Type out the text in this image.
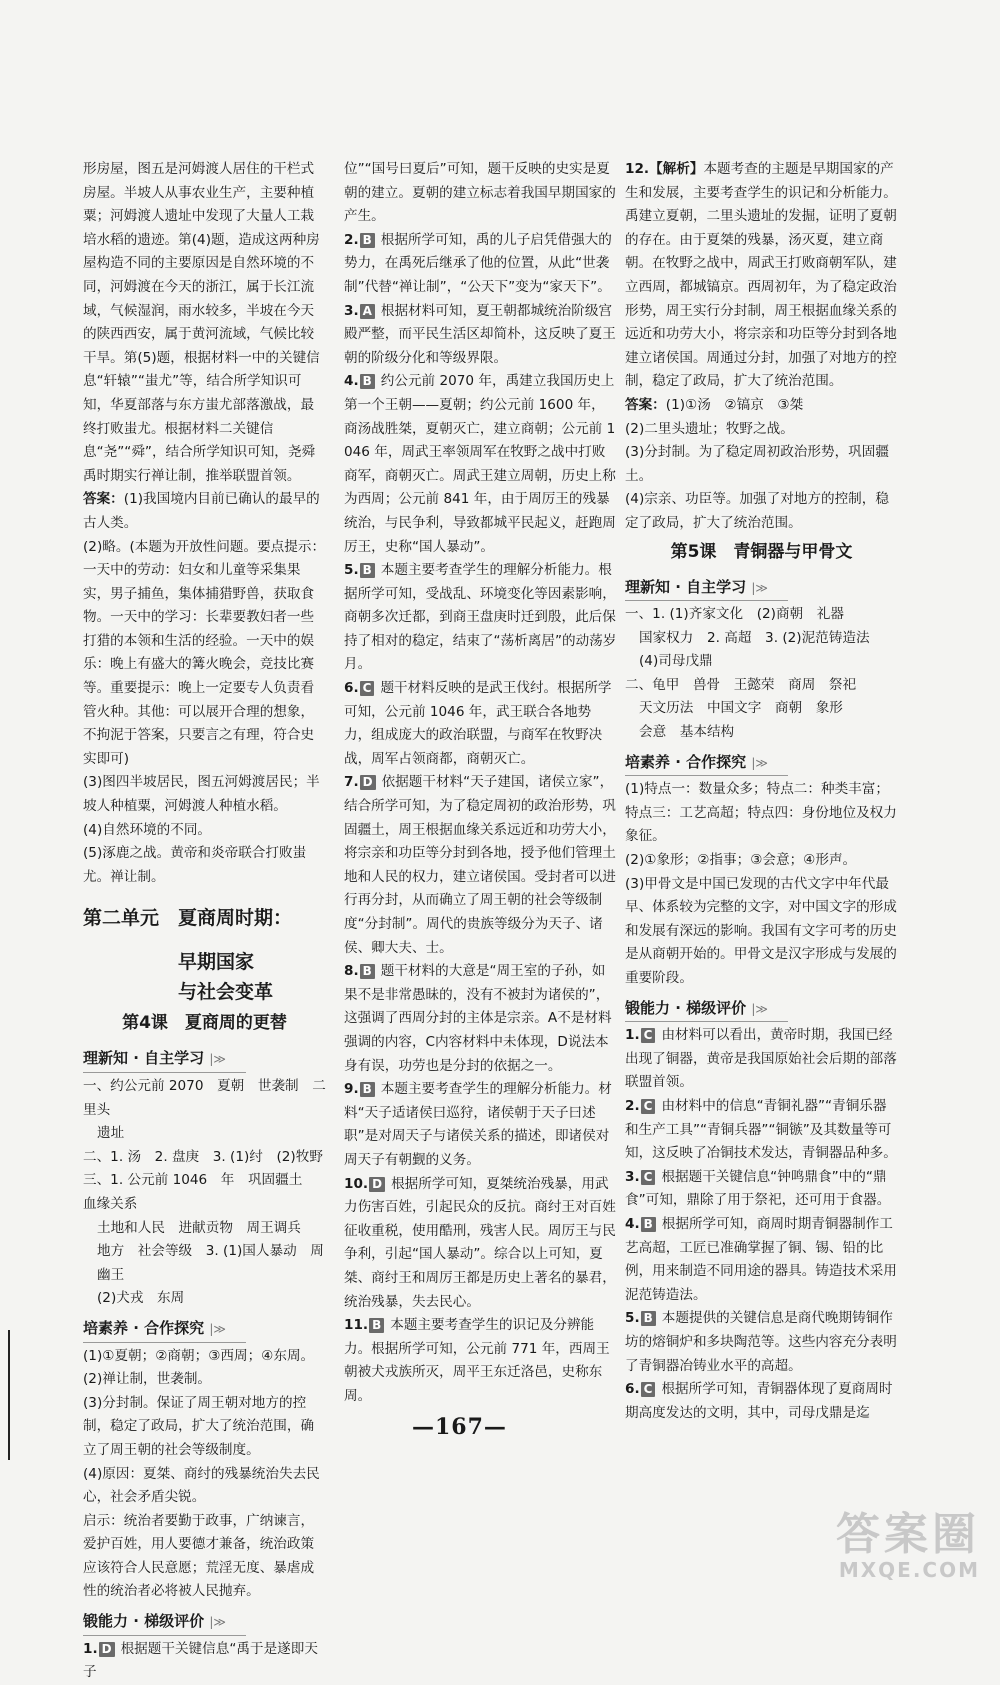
形房屋，图五是河姆渡人居住的干栏式房屋。半坡人从事农业生产，主要种植粟；河姆渡人遗址中发现了大量人工栽培水稻的遗迹。第(4)题，造成这两种房屋构造不同的主要原因是自然环境的不同，河姆渡在今天的浙江，属于长江流域，气候湿润，雨水较多，半坡在今天的陕西西安，属于黄河流域，气候比较干旱。第(5)题，根据材料一中的关键信息“轩辕”“蚩尤”等，结合所学知识可知，华夏部落与东方蚩尤部落激战，最终打败蚩尤。根据材料二关键信息“尧”“舜”，结合所学知识可知，尧舜禹时期实行禅让制，推举联盟首领。

答案：(1)我国境内目前已确认的最早的古人类。

(2)略。(本题为开放性问题。要点提示：一天中的劳动：妇女和儿童等采集果实，男子捕鱼，集体捕猎野兽，获取食物。一天中的学习：长辈要教妇者一些打猎的本领和生活的经验。一天中的娱乐：晚上有盛大的篝火晚会，竞技比赛等。重要提示：晚上一定要专人负责看管火种。其他：可以展开合理的想象，不拘泥于答案，只要言之有理，符合史实即可)

(3)图四半坡居民，图五河姆渡居民；半坡人种植粟，河姆渡人种植水稻。

(4)自然环境的不同。

(5)涿鹿之战。黄帝和炎帝联合打败蚩尤。禅让制。

第二单元　夏商周时期：
早期国家
与社会变革
第4课　夏商周的更替
理新知 · 自主学习 |≫

一、约公元前 2070　夏朝　世袭制　二里头

遗址

二、1. 汤　2. 盘庚　3. (1)纣　(2)牧野

三、1. 公元前 1046　年　巩固疆土　血缘关系

土地和人民　进献贡物　周王调兵

地方　社会等级　3. (1)国人暴动　周幽王

(2)犬戎　东周

培素养 · 合作探究 |≫

(1)①夏朝；②商朝；③西周；④东周。

(2)禅让制，世袭制。

(3)分封制。保证了周王朝对地方的控制，稳定了政局，扩大了统治范围，确立了周王朝的社会等级制度。

(4)原因：夏桀、商纣的残暴统治失去民心，社会矛盾尖锐。

启示：统治者要勤于政事，广纳谏言，爱护百姓，用人要德才兼备，统治政策应该符合人民意愿；荒淫无度、暴虐成性的统治者必将被人民抛弃。

锻能力 · 梯级评价 |≫

1. D 根据题干关键信息“禹于是遂即天子

位”“国号曰夏后”可知，题干反映的史实是夏朝的建立。夏朝的建立标志着我国早期国家的产生。

2. B 根据所学可知，禹的儿子启凭借强大的势力，在禹死后继承了他的位置，从此“世袭制”代替“禅让制”，“公天下”变为“家天下”。

3. A 根据材料可知，夏王朝都城统治阶级宫殿严整，而平民生活区却简朴，这反映了夏王朝的阶级分化和等级界限。

4. B 约公元前 2070 年，禹建立我国历史上第一个王朝——夏朝；约公元前 1600 年，商汤战胜桀，夏朝灭亡，建立商朝；公元前 1046 年，周武王率领周军在牧野之战中打败商军，商朝灭亡。周武王建立周朝，历史上称为西周；公元前 841 年，由于周厉王的残暴统治，与民争利，导致都城平民起义，赶跑周厉王，史称“国人暴动”。

5. B 本题主要考查学生的理解分析能力。根据所学可知，受战乱、环境变化等因素影响，商朝多次迁都，到商王盘庚时迁到殷，此后保持了相对的稳定，结束了“荡析离居”的动荡岁月。

6. C 题干材料反映的是武王伐纣。根据所学可知，公元前 1046 年，武王联合各地势力，组成庞大的政治联盟，与商军在牧野决战，周军占领商都，商朝灭亡。

7. D 依据题干材料“天子建国，诸侯立家”，结合所学可知，为了稳定周初的政治形势，巩固疆土，周王根据血缘关系远近和功劳大小，将宗亲和功臣等分封到各地，授予他们管理土地和人民的权力，建立诸侯国。受封者可以进行再分封，从而确立了周王朝的社会等级制度“分封制”。周代的贵族等级分为天子、诸侯、卿大夫、士。

8. B 题干材料的大意是“周王室的子孙，如果不是非常愚昧的，没有不被封为诸侯的”，这强调了西周分封的主体是宗亲。A不是材料强调的内容，C内容材料中未体现，D说法本身有误，功劳也是分封的依据之一。

9. B 本题主要考查学生的理解分析能力。材料“天子适诸侯曰巡狩，诸侯朝于天子曰述职”是对周天子与诸侯关系的描述，即诸侯对周天子有朝觐的义务。

10. D 根据所学可知，夏桀统治残暴，用武力伤害百姓，引起民众的反抗。商纣王对百姓征收重税，使用酷刑，残害人民。周厉王与民争利，引起“国人暴动”。综合以上可知，夏桀、商纣王和周厉王都是历史上著名的暴君，统治残暴，失去民心。

11. B 本题主要考查学生的识记及分辨能力。根据所学可知，公元前 771 年，西周王朝被犬戎族所灭，周平王东迁洛邑，史称东周。

12.【解析】本题考查的主题是早期国家的产生和发展，主要考查学生的识记和分析能力。禹建立夏朝，二里头遗址的发掘，证明了夏朝的存在。由于夏桀的残暴，汤灭夏，建立商朝。在牧野之战中，周武王打败商朝军队，建立西周，都城镐京。西周初年，为了稳定政治形势，周王实行分封制，周王根据血缘关系的远近和功劳大小，将宗亲和功臣等分封到各地建立诸侯国。周通过分封，加强了对地方的控制，稳定了政局，扩大了统治范围。

答案：(1)①汤　②镐京　③桀

(2)二里头遗址；牧野之战。

(3)分封制。为了稳定周初政治形势，巩固疆土。

(4)宗亲、功臣等。加强了对地方的控制，稳定了政局，扩大了统治范围。

第5课　青铜器与甲骨文
理新知 · 自主学习 |≫

一、1. (1)齐家文化　(2)商朝　礼器

国家权力　2. 高超　3. (2)泥范铸造法

(4)司母戊鼎

二、龟甲　兽骨　王懿荣　商周　祭祀

天文历法　中国文字　商朝　象形

会意　基本结构

培素养 · 合作探究 |≫

(1)特点一：数量众多；特点二：种类丰富；特点三：工艺高超；特点四：身份地位及权力象征。

(2)①象形；②指事；③会意；④形声。

(3)甲骨文是中国已发现的古代文字中年代最早、体系较为完整的文字，对中国文字的形成和发展有深远的影响。我国有文字可考的历史是从商朝开始的。甲骨文是汉字形成与发展的重要阶段。

锻能力 · 梯级评价 |≫

1. C 由材料可以看出，黄帝时期，我国已经出现了铜器，黄帝是我国原始社会后期的部落联盟首领。

2. C 由材料中的信息“青铜礼器”“青铜乐器和生产工具”“青铜兵器”“铜镞”及其数量等可知，这反映了冶铜技术发达，青铜器品种多。

3. C 根据题干关键信息“钟鸣鼎食”中的“鼎食”可知，鼎除了用于祭祀，还可用于食器。

4. B 根据所学可知，商周时期青铜器制作工艺高超，工匠已准确掌握了铜、锡、铅的比例，用来制造不同用途的器具。铸造技术采用泥范铸造法。

5. B 本题提供的关键信息是商代晚期铸铜作坊的熔铜炉和多块陶范等。这些内容充分表明了青铜器冶铸业水平的高超。

6. C 根据所学可知，青铜器体现了夏商周时期高度发达的文明，其中，司母戊鼎是迄

—167—
答案圈
MXQE.COM
